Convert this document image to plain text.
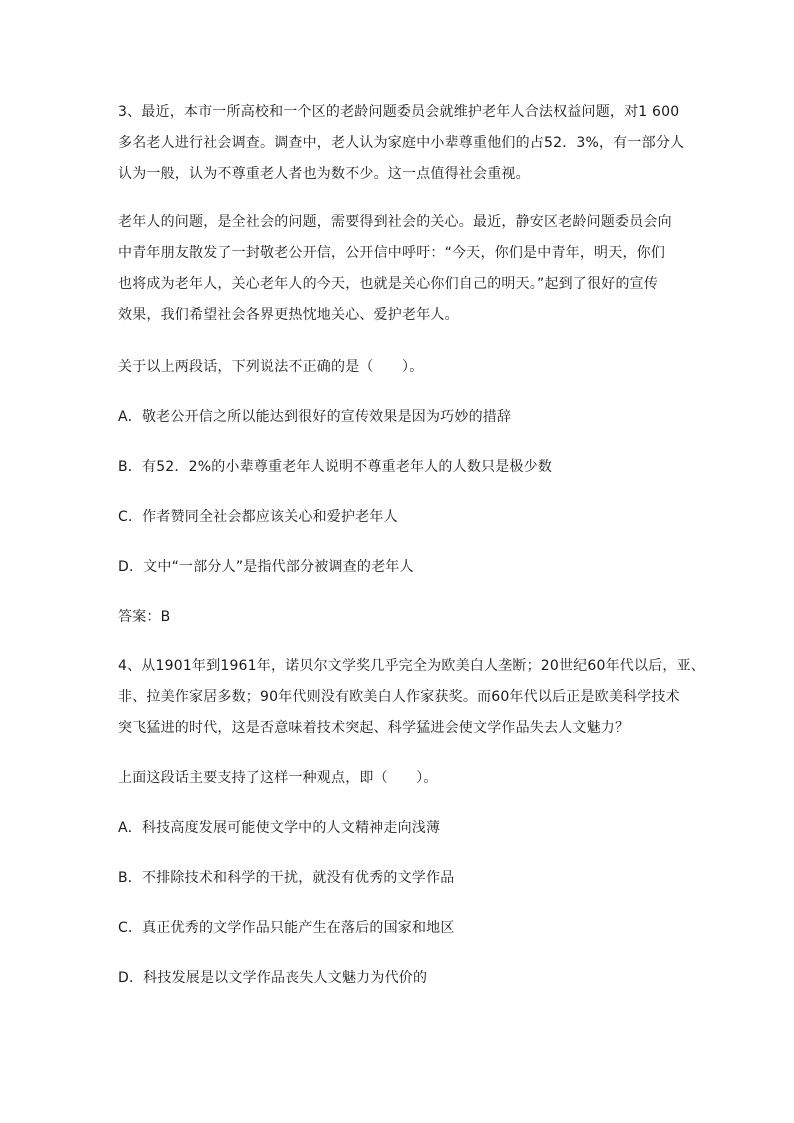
3、最近，本市一所高校和一个区的老龄问题委员会就维护老年人合法权益问题，对1 600
多名老人进行社会调查。调查中，老人认为家庭中小辈尊重他们的占52．3%，有一部分人
认为一般，认为不尊重老人者也为数不少。这一点值得社会重视。
老年人的问题，是全社会的问题，需要得到社会的关心。最近，静安区老龄问题委员会向
中青年朋友散发了一封敬老公开信，公开信中呼吁：“今天，你们是中青年，明天，你们
也将成为老年人，关心老年人的今天，也就是关心你们自己的明天。”起到了很好的宣传
效果，我们希望社会各界更热忱地关心、爱护老年人。
关于以上两段话，下列说法不正确的是（　　）。
A．敬老公开信之所以能达到很好的宣传效果是因为巧妙的措辞
B．有52．2%的小辈尊重老年人说明不尊重老年人的人数只是极少数
C．作者赞同全社会都应该关心和爱护老年人
D．文中“一部分人”是指代部分被调查的老年人
答案：B
4、从1901年到1961年，诺贝尔文学奖几乎完全为欧美白人垄断；20世纪60年代以后，亚、
非、拉美作家居多数；90年代则没有欧美白人作家获奖。而60年代以后正是欧美科学技术
突飞猛进的时代，这是否意味着技术突起、科学猛进会使文学作品失去人文魅力？
上面这段话主要支持了这样一种观点，即（　　）。
A．科技高度发展可能使文学中的人文精神走向浅薄
B．不排除技术和科学的干扰，就没有优秀的文学作品
C．真正优秀的文学作品只能产生在落后的国家和地区
D．科技发展是以文学作品丧失人文魅力为代价的
